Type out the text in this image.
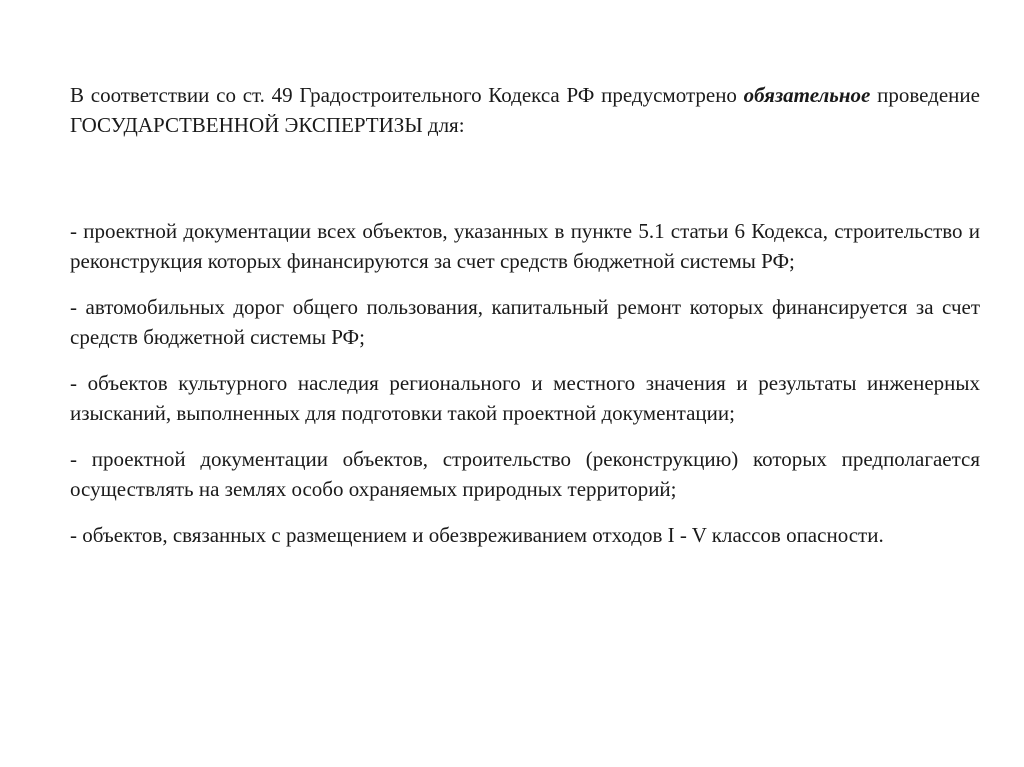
В соответствии со ст. 49 Градостроительного Кодекса РФ предусмотрено обязательное проведение ГОСУДАРСТВЕННОЙ ЭКСПЕРТИЗЫ для:

- проектной документации всех объектов, указанных в пункте 5.1 статьи 6 Кодекса, строительство и реконструкция которых финансируются за счет средств бюджетной системы РФ;

- автомобильных дорог общего пользования, капитальный ремонт которых финансируется за счет средств бюджетной системы РФ;

- объектов культурного наследия регионального и местного значения и результаты инженерных изысканий, выполненных для подготовки такой проектной документации;

- проектной документации объектов, строительство (реконструкцию) которых предполагается осуществлять на землях особо охраняемых природных территорий;

- объектов, связанных с размещением и обезвреживанием отходов I - V классов опасности.
